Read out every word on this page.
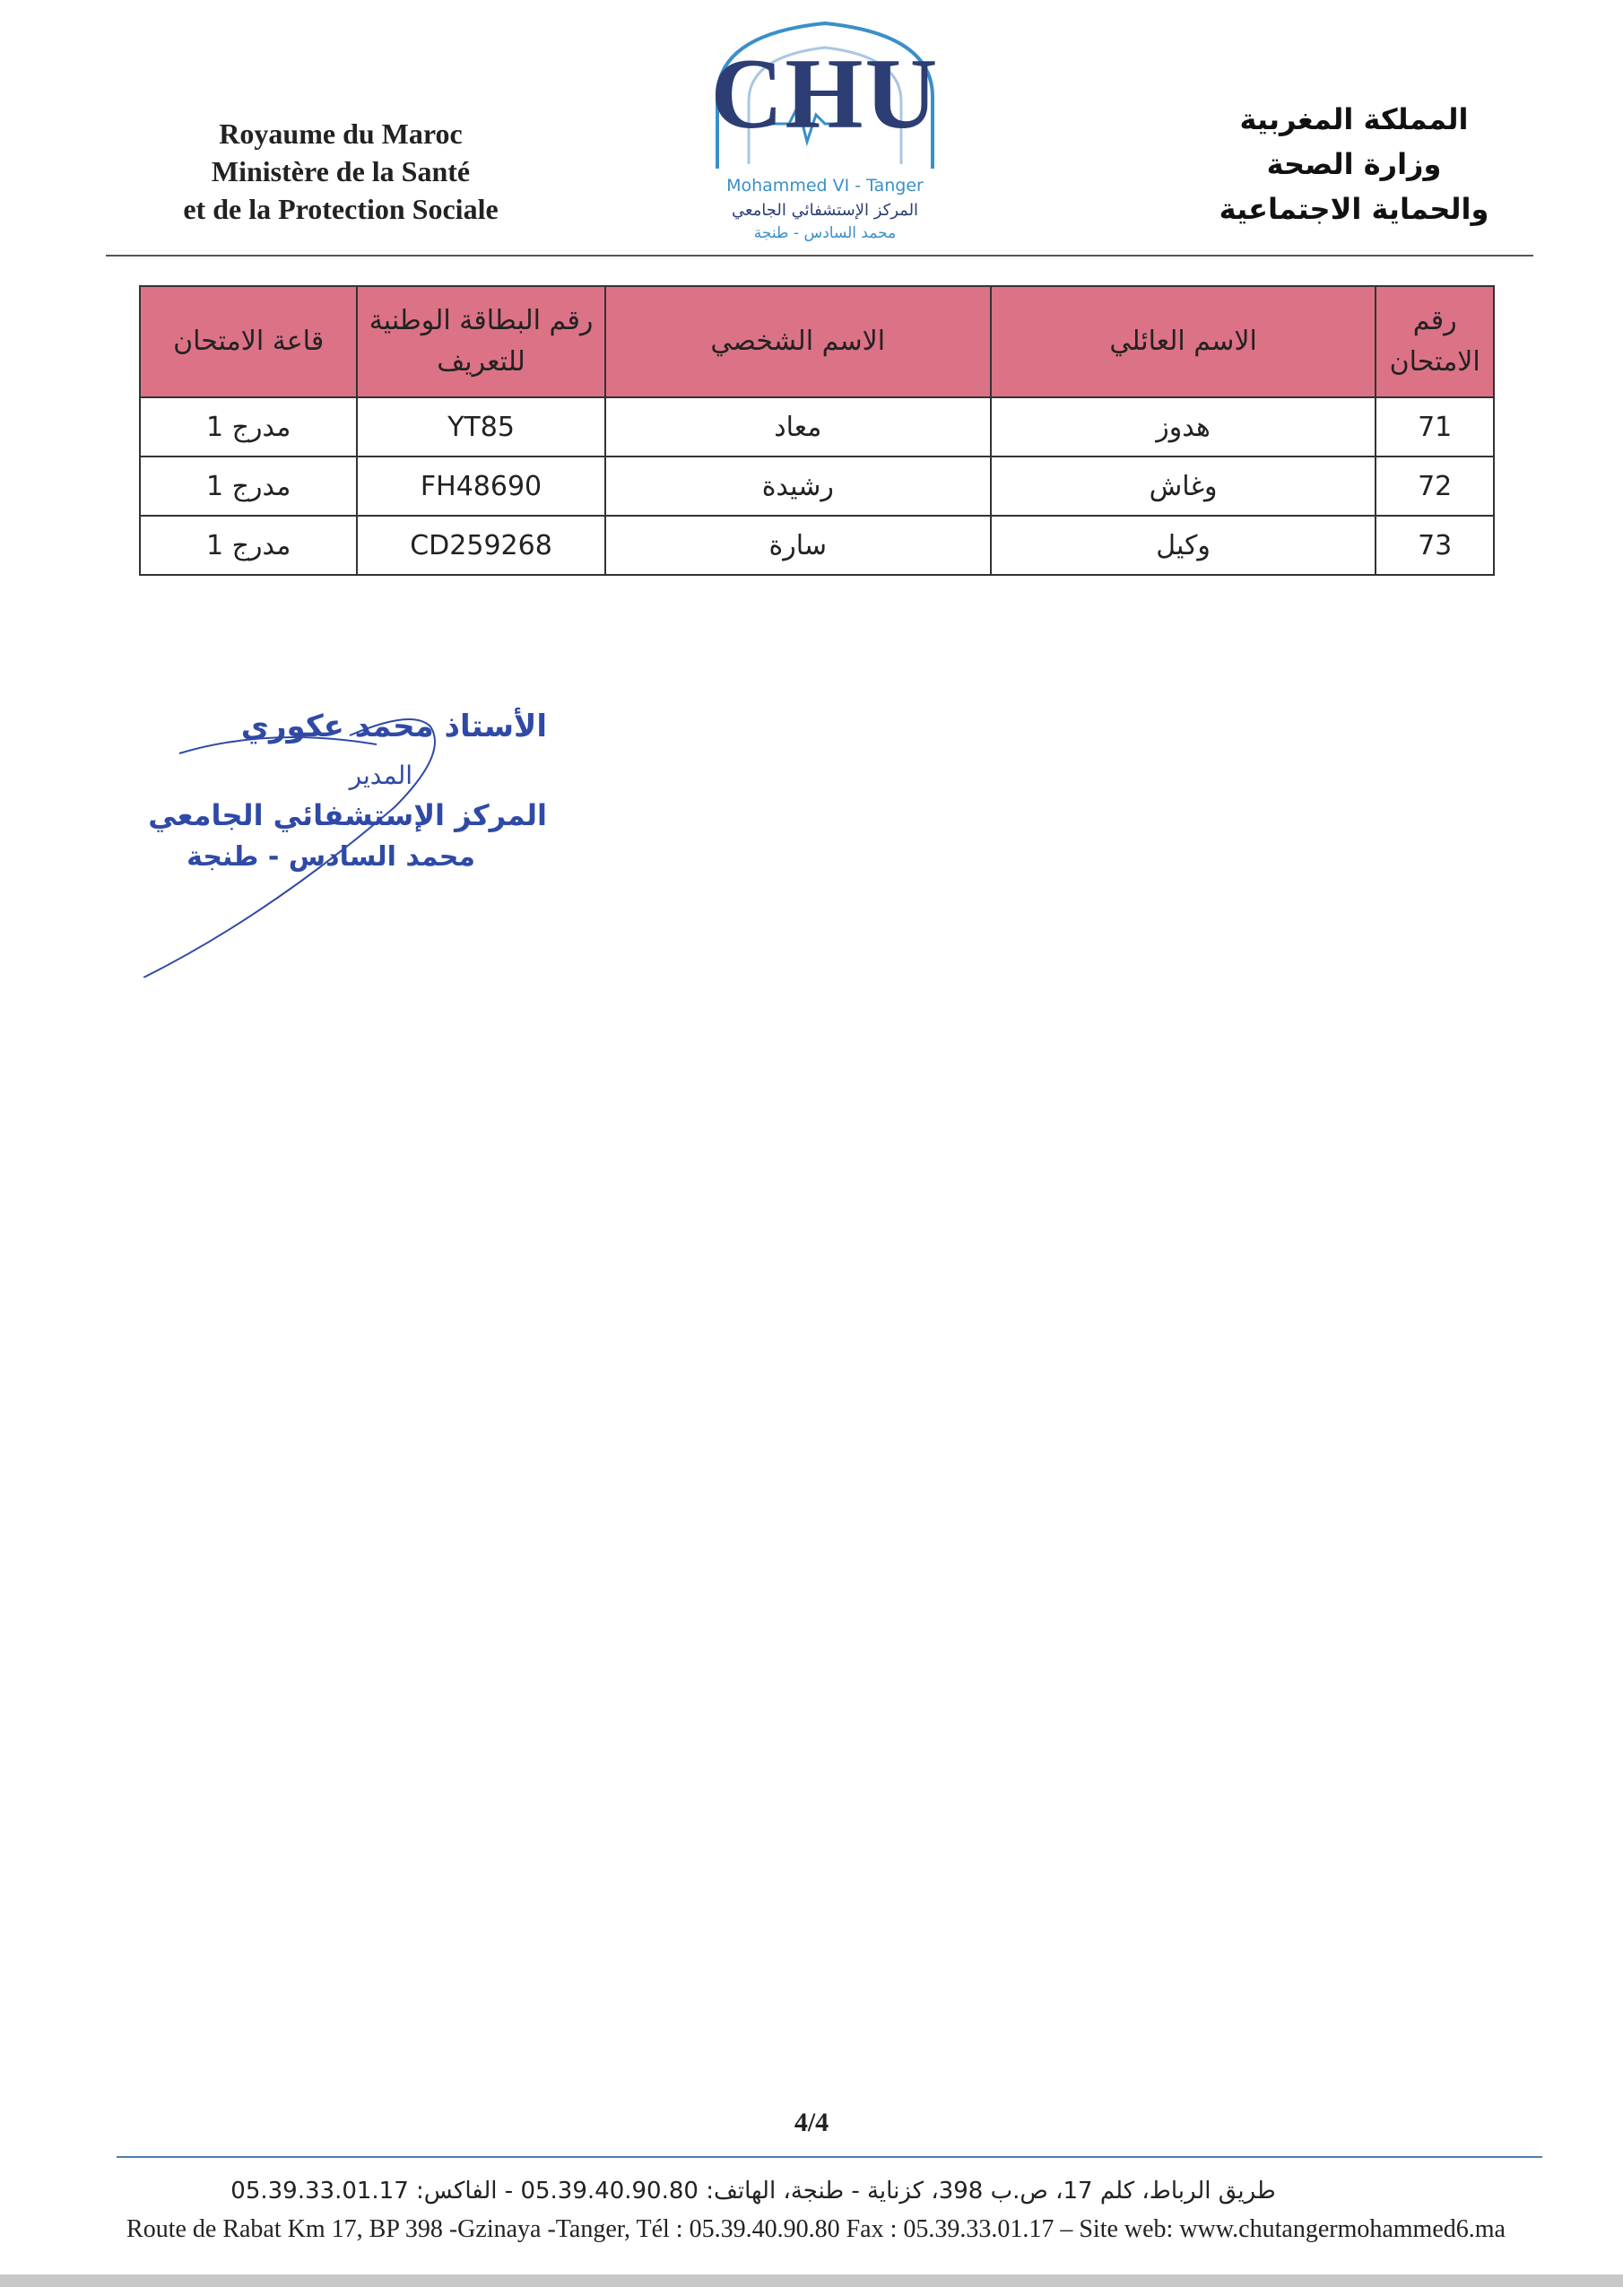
Royaume du Maroc
Ministère de la Santé
et de la Protection Sociale
CHU
Mohammed VI - Tanger
المركز الإستشفائي الجامعي
محمد السادس - طنجة
المملكة المغربية
وزارة الصحة
والحماية الاجتماعية
رقم الامتحان	الاسم العائلي	الاسم الشخصي	رقم البطاقة الوطنية للتعريف	قاعة الامتحان
71	هدوز	معاد	YT85	مدرج 1
72	وغاش	رشيدة	FH48690	مدرج 1
73	وكيل	سارة	CD259268	مدرج 1
الأستاذ محمد عكوري
المدير
المركز الإستشفائي الجامعي
محمد السادس - طنجة
4/4
طريق الرباط، كلم 17، ص.ب 398، كزناية - طنجة، الهاتف: 05.39.40.90.80 - الفاكس: 05.39.33.01.17
Route de Rabat Km 17, BP 398 -Gzinaya -Tanger, Tél : 05.39.40.90.80 Fax : 05.39.33.01.17 – Site web: www.chutangermohammed6.ma
